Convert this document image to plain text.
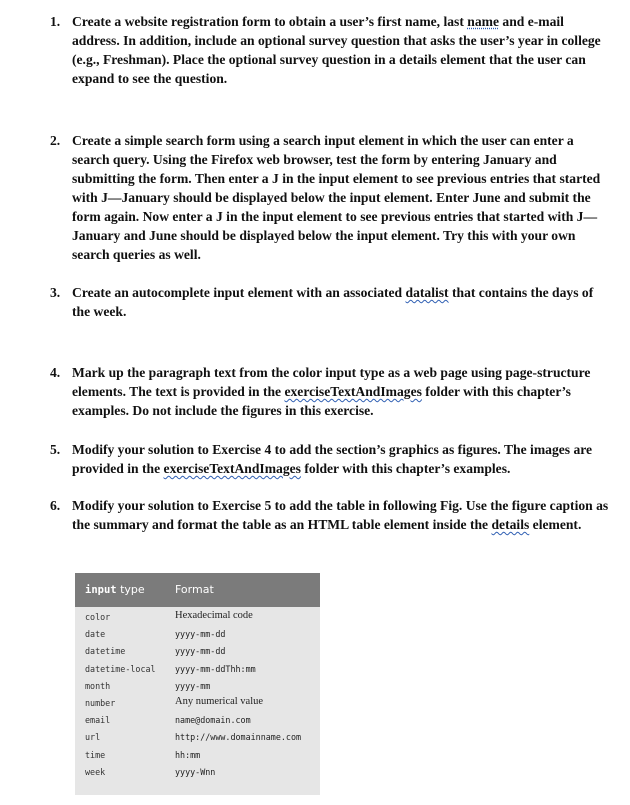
1. Create a website registration form to obtain a user’s first name, last name and e-mail address. In addition, include an optional survey question that asks the user’s year in college (e.g., Freshman). Place the optional survey question in a details element that the user can expand to see the question.
2. Create a simple search form using a search input element in which the user can enter a search query. Using the Firefox web browser, test the form by entering January and submitting the form. Then enter a J in the input element to see previous entries that started with J—January should be displayed below the input element. Enter June and submit the form again. Now enter a J in the input element to see previous entries that started with J— January and June should be displayed below the input element. Try this with your own search queries as well.
3. Create an autocomplete input element with an associated datalist that contains the days of the week.
4. Mark up the paragraph text from the color input type as a web page using page-structure elements. The text is provided in the exerciseTextAndImages folder with this chapter’s examples. Do not include the figures in this exercise.
5. Modify your solution to Exercise 4 to add the section’s graphics as figures. The images are provided in the exerciseTextAndImages folder with this chapter’s examples.
6. Modify your solution to Exercise 5 to add the table in following Fig. Use the figure caption as the summary and format the table as an HTML table element inside the details element.
input type	Format
color	Hexadecimal code
date	yyyy-mm-dd
datetime	yyyy-mm-dd
datetime-local yyyy-mm-ddThh:mm
month	yyyy-mm
number	Any numerical value
email	name@domain.com
url	http://www.domainname.com
time	hh:mm
week	yyyy-Wnn
